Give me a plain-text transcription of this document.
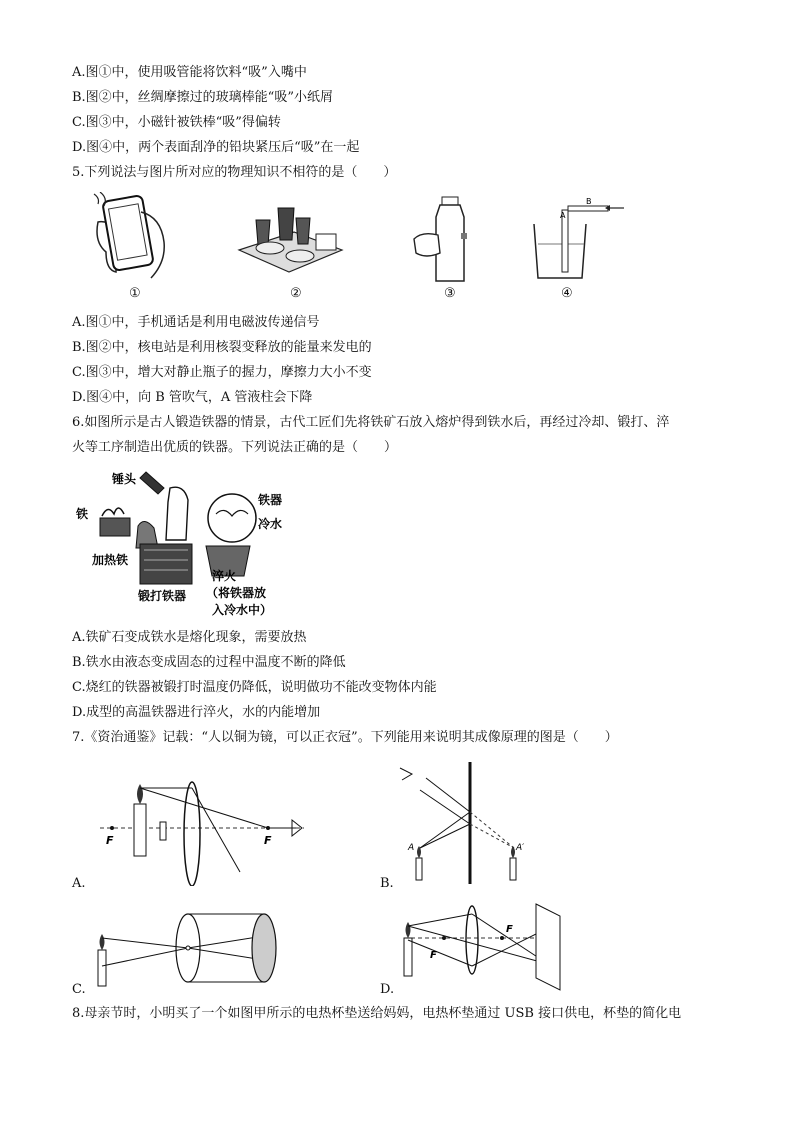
A.图①中，使用吸管能将饮料“吸”入嘴中
B.图②中，丝绸摩擦过的玻璃棒能“吸”小纸屑
C.图③中，小磁针被铁棒“吸”得偏转
D.图④中，两个表面刮净的铅块紧压后“吸”在一起
5.下列说法与图片所对应的物理知识不相符的是（　　）
A
B
①	②	③	④
A.图①中，手机通话是利用电磁波传递信号
B.图②中，核电站是利用核裂变释放的能量来发电的
C.图③中，增大对静止瓶子的握力，摩擦力大小不变
D.图④中，向 B 管吹气，A 管液柱会下降
6.如图所示是古人锻造铁器的情景，古代工匠们先将铁矿石放入熔炉得到铁水后，再经过冷却、锻打、淬
火等工序制造出优质的铁器。下列说法正确的是（　　）
锤头
铁
铁器
冷水
加热铁
锻打铁器
淬火
（将铁器放
入冷水中）
A.铁矿石变成铁水是熔化现象，需要放热
B.铁水由液态变成固态的过程中温度不断的降低
C.烧红的铁器被锻打时温度仍降低，说明做功不能改变物体内能
D.成型的高温铁器进行淬火，水的内能增加
7.《资治通鉴》记载：“人以铜为镜，可以正衣冠”。下列能用来说明其成像原理的图是（　　）
F	F
A.
A	A′
B.
C.
F
F
D.
8.母亲节时，小明买了一个如图甲所示的电热杯垫送给妈妈，电热杯垫通过 USB 接口供电，杯垫的简化电
